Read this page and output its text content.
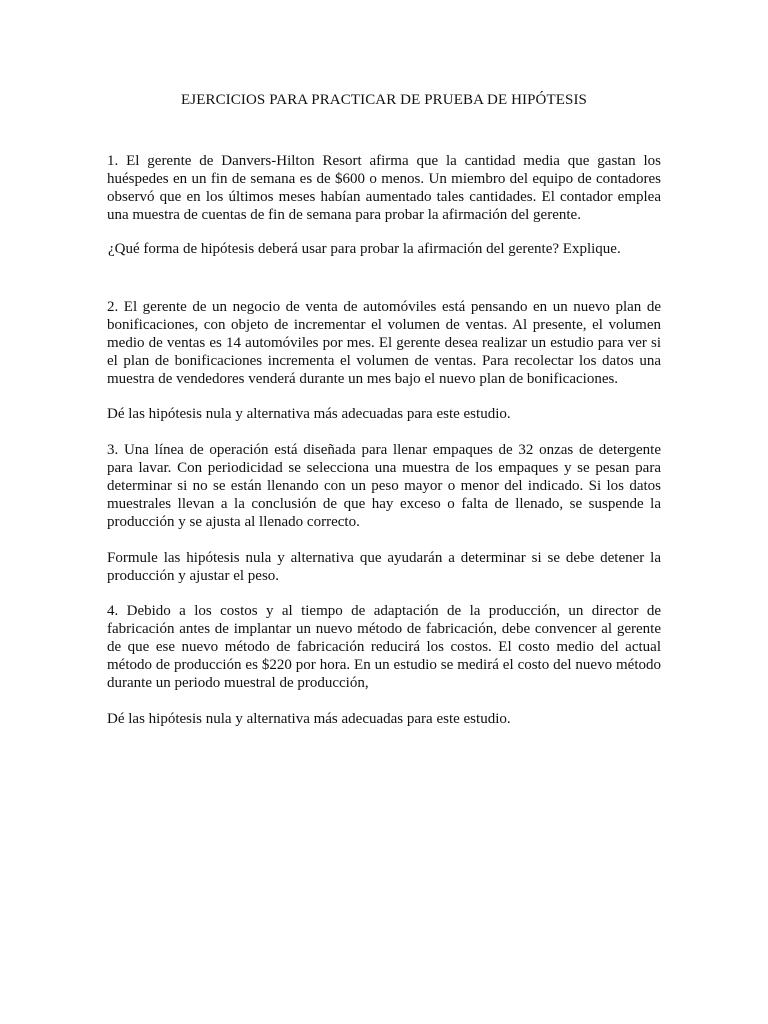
EJERCICIOS PARA PRACTICAR DE PRUEBA DE HIPÓTESIS

1. El gerente de Danvers-Hilton Resort afirma que la cantidad media que gastan los huéspedes en un fin de semana es de $600 o menos. Un miembro del equipo de contadores observó que en los últimos meses habían aumentado tales cantidades. El contador emplea una muestra de cuentas de fin de semana para probar la afirmación del gerente.

¿Qué forma de hipótesis deberá usar para probar la afirmación del gerente? Explique.

2. El gerente de un negocio de venta de automóviles está pensando en un nuevo plan de bonificaciones, con objeto de incrementar el volumen de ventas. Al presente, el volumen medio de ventas es 14 automóviles por mes. El gerente desea realizar un estudio para ver si el plan de bonificaciones incrementa el volumen de ventas. Para recolectar los datos una muestra de vendedores venderá durante un mes bajo el nuevo plan de bonificaciones.

Dé las hipótesis nula y alternativa más adecuadas para este estudio.

3. Una línea de operación está diseñada para llenar empaques de 32 onzas de detergente para lavar. Con periodicidad se selecciona una muestra de los empaques y se pesan para determinar si no se están llenando con un peso mayor o menor del indicado. Si los datos muestrales llevan a la conclusión de que hay exceso o falta de llenado, se suspende la producción y se ajusta al llenado correcto.

Formule las hipótesis nula y alternativa que ayudarán a determinar si se debe detener la producción y ajustar el peso.

4. Debido a los costos y al tiempo de adaptación de la producción, un director de fabricación antes de implantar un nuevo método de fabricación, debe convencer al gerente de que ese nuevo método de fabricación reducirá los costos. El costo medio del actual método de producción es $220 por hora. En un estudio se medirá el costo del nuevo método durante un periodo muestral de producción,

Dé las hipótesis nula y alternativa más adecuadas para este estudio.
